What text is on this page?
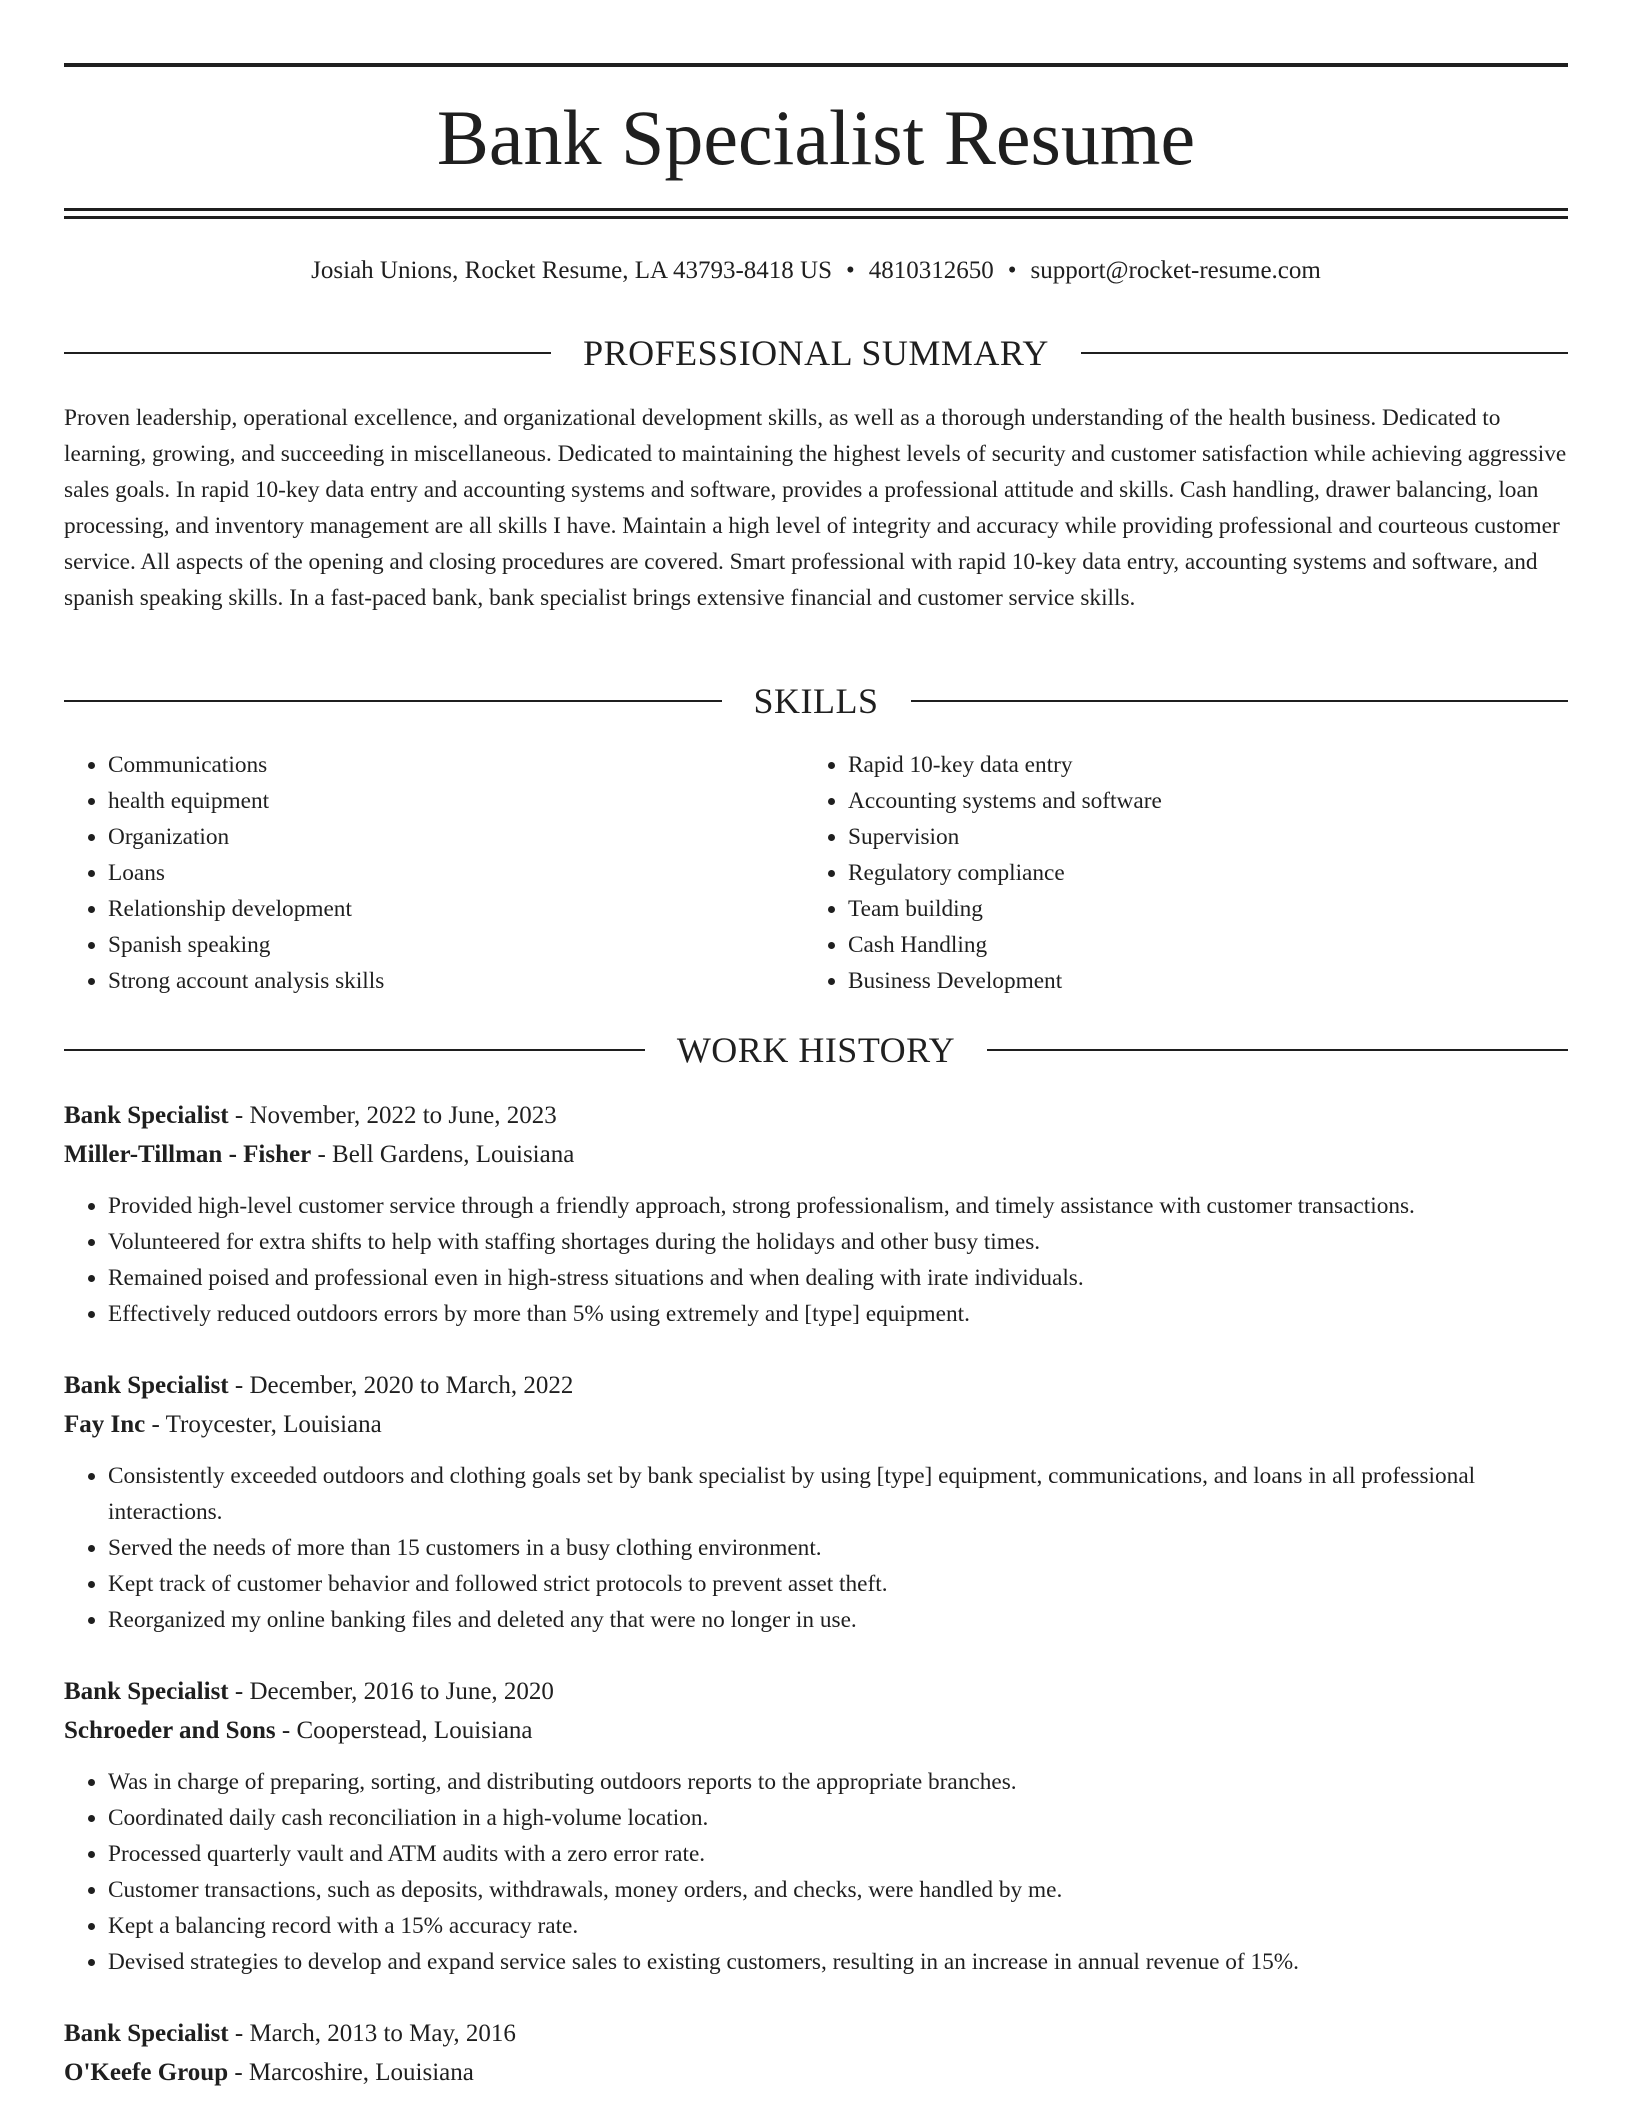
Bank Specialist Resume
Josiah Unions, Rocket Resume, LA 43793-8418 US • 4810312650 • support@rocket-resume.com
PROFESSIONAL SUMMARY

Proven leadership, operational excellence, and organizational development skills, as well as a thorough understanding of the health business. Dedicated to learning, growing, and succeeding in miscellaneous. Dedicated to maintaining the highest levels of security and customer satisfaction while achieving aggressive sales goals. In rapid 10-key data entry and accounting systems and software, provides a professional attitude and skills. Cash handling, drawer balancing, loan processing, and inventory management are all skills I have. Maintain a high level of integrity and accuracy while providing professional and courteous customer service. All aspects of the opening and closing procedures are covered. Smart professional with rapid 10-key data entry, accounting systems and software, and spanish speaking skills. In a fast-paced bank, bank specialist brings extensive financial and customer service skills.

SKILLS
• Communications
• health equipment
• Organization
• Loans
• Relationship development
• Spanish speaking
• Strong account analysis skills
• Rapid 10-key data entry
• Accounting systems and software
• Supervision
• Regulatory compliance
• Team building
• Cash Handling
• Business Development
WORK HISTORY

Bank Specialist - November, 2022 to June, 2023

Miller-Tillman - Fisher - Bell Gardens, Louisiana

• Provided high-level customer service through a friendly approach, strong professionalism, and timely assistance with customer transactions.
• Volunteered for extra shifts to help with staffing shortages during the holidays and other busy times.
• Remained poised and professional even in high-stress situations and when dealing with irate individuals.
• Effectively reduced outdoors errors by more than 5% using extremely and [type] equipment.

Bank Specialist - December, 2020 to March, 2022

Fay Inc - Troycester, Louisiana

• Consistently exceeded outdoors and clothing goals set by bank specialist by using [type] equipment, communications, and loans in all professional interactions.
• Served the needs of more than 15 customers in a busy clothing environment.
• Kept track of customer behavior and followed strict protocols to prevent asset theft.
• Reorganized my online banking files and deleted any that were no longer in use.

Bank Specialist - December, 2016 to June, 2020

Schroeder and Sons - Cooperstead, Louisiana

• Was in charge of preparing, sorting, and distributing outdoors reports to the appropriate branches.
• Coordinated daily cash reconciliation in a high-volume location.
• Processed quarterly vault and ATM audits with a zero error rate.
• Customer transactions, such as deposits, withdrawals, money orders, and checks, were handled by me.
• Kept a balancing record with a 15% accuracy rate.
• Devised strategies to develop and expand service sales to existing customers, resulting in an increase in annual revenue of 15%.

Bank Specialist - March, 2013 to May, 2016

O'Keefe Group - Marcoshire, Louisiana
